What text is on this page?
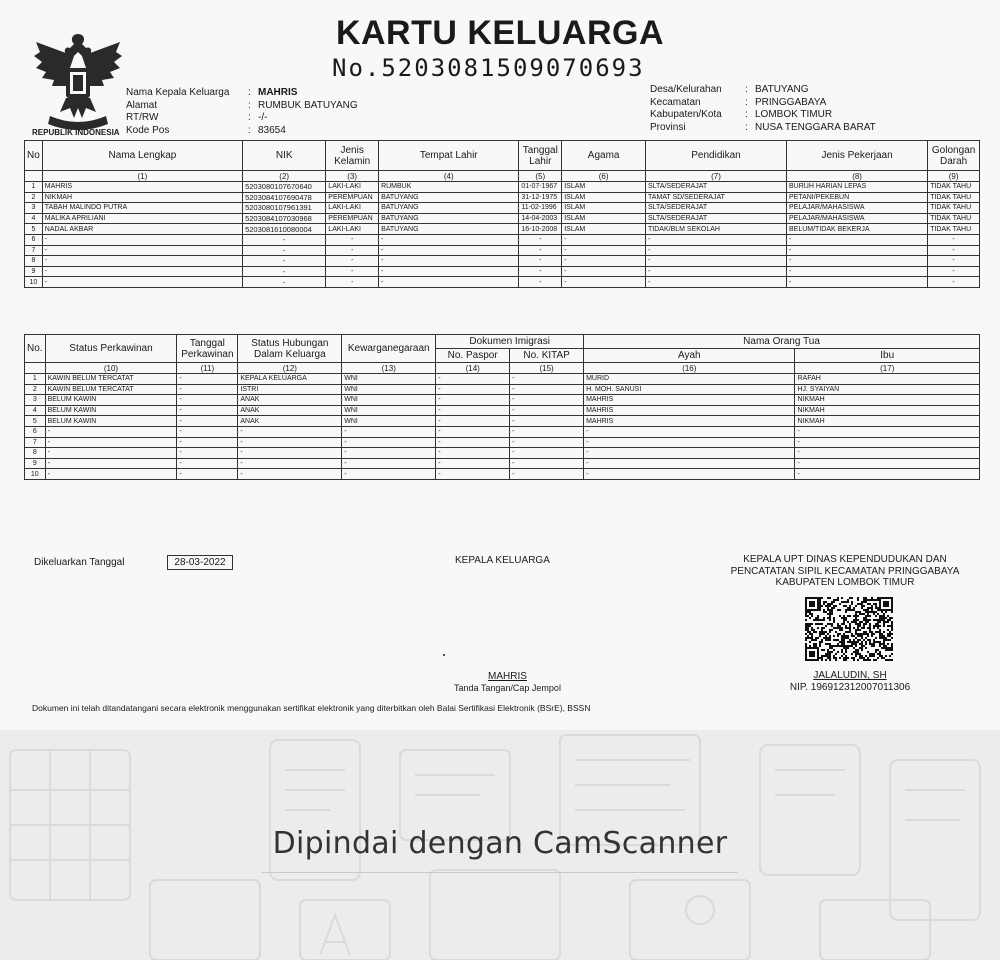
REPUBLIK INDONESIA
KARTU KELUARGA
No.5203081509070693
Nama Kepala Keluarga	: MAHRIS
Alamat	: RUMBUK BATUYANG
RT/RW	: -/-
Kode Pos	: 83654
Desa/Kelurahan	: BATUYANG
Kecamatan	: PRINGGABAYA
Kabupaten/Kota	: LOMBOK TIMUR
Provinsi	: NUSA TENGGARA BARAT
No	Nama Lengkap	NIK	Jenis Kelamin	Tempat Lahir	Tanggal Lahir	Agama	Pendidikan	Jenis Pekerjaan	Golongan Darah
	(1)	(2)	(3)	(4)	(5)	(6)	(7)	(8)	(9)
1	MAHRIS	5203080107670640	LAKI-LAKI	RUMBUK	01-07-1967	ISLAM	SLTA/SEDERAJAT	BURUH HARIAN LEPAS	TIDAK TAHU
2	NIKMAH	5203084107690478	PEREMPUAN	BATUYANG	31-12-1975	ISLAM	TAMAT SD/SEDERAJAT	PETANI/PEKEBUN	TIDAK TAHU
3	TABAH MALINDO PUTRA	5203080107961391	LAKI-LAKI	BATUYANG	11-02-1996	ISLAM	SLTA/SEDERAJAT	PELAJAR/MAHASISWA	TIDAK TAHU
4	MALIKA APRILIANI	5203084107030968	PEREMPUAN	BATUYANG	14-04-2003	ISLAM	SLTA/SEDERAJAT	PELAJAR/MAHASISWA	TIDAK TAHU
5	NADAL AKBAR	5203081610080004	LAKI-LAKI	BATUYANG	16-10-2008	ISLAM	TIDAK/BLM SEKOLAH	BELUM/TIDAK BEKERJA	TIDAK TAHU
6	-	-	-	-	-	-	-	-	-
7	-	-	-	-	-	-	-	-	-
8	-	-	-	-	-	-	-	-	-
9	-	-	-	-	-	-	-	-	-
10	-	-	-	-	-	-	-	-	-
No.	Status Perkawinan	Tanggal Perkawinan	Status Hubungan Dalam Keluarga	Kewarganegaraan	Dokumen Imigrasi		Nama Orang Tua	
					No. Paspor	No. KITAP	Ayah	Ibu
	(10)	(11)	(12)	(13)	(14)	(15)	(16)	(17)
1	KAWIN BELUM TERCATAT	-	KEPALA KELUARGA	WNI	-	-	MURID	RAFAH
2	KAWIN BELUM TERCATAT	-	ISTRI	WNI	-	-	H. MOH. SANUSI	HJ. SYAIYAN
3	BELUM KAWIN	-	ANAK	WNI	-	-	MAHRIS	NIKMAH
4	BELUM KAWIN	-	ANAK	WNI	-	-	MAHRIS	NIKMAH
5	BELUM KAWIN	-	ANAK	WNI	-	-	MAHRIS	NIKMAH
6	-	-	-	-	-	-	-	-
7	-	-	-	-	-	-	-	-
8	-	-	-	-	-	-	-	-
9	-	-	-	-	-	-	-	-
10	-	-	-	-	-	-	-	-
Dikeluarkan Tanggal	28-03-2022	KEPALA KELUARGA
MAHRIS
Tanda Tangan/Cap Jempol
KEPALA UPT DINAS KEPENDUDUKAN DAN
PENCATATAN SIPIL KECAMATAN PRINGGABAYA
KABUPATEN LOMBOK TIMUR
JALALUDIN, SH
NIP. 196912312007011306
Dokumen ini telah ditandatangani secara elektronik menggunakan sertifikat elektronik yang diterbitkan oleh Balai Sertifikasi Elektronik (BSrE), BSSN
Dipindai dengan CamScanner
